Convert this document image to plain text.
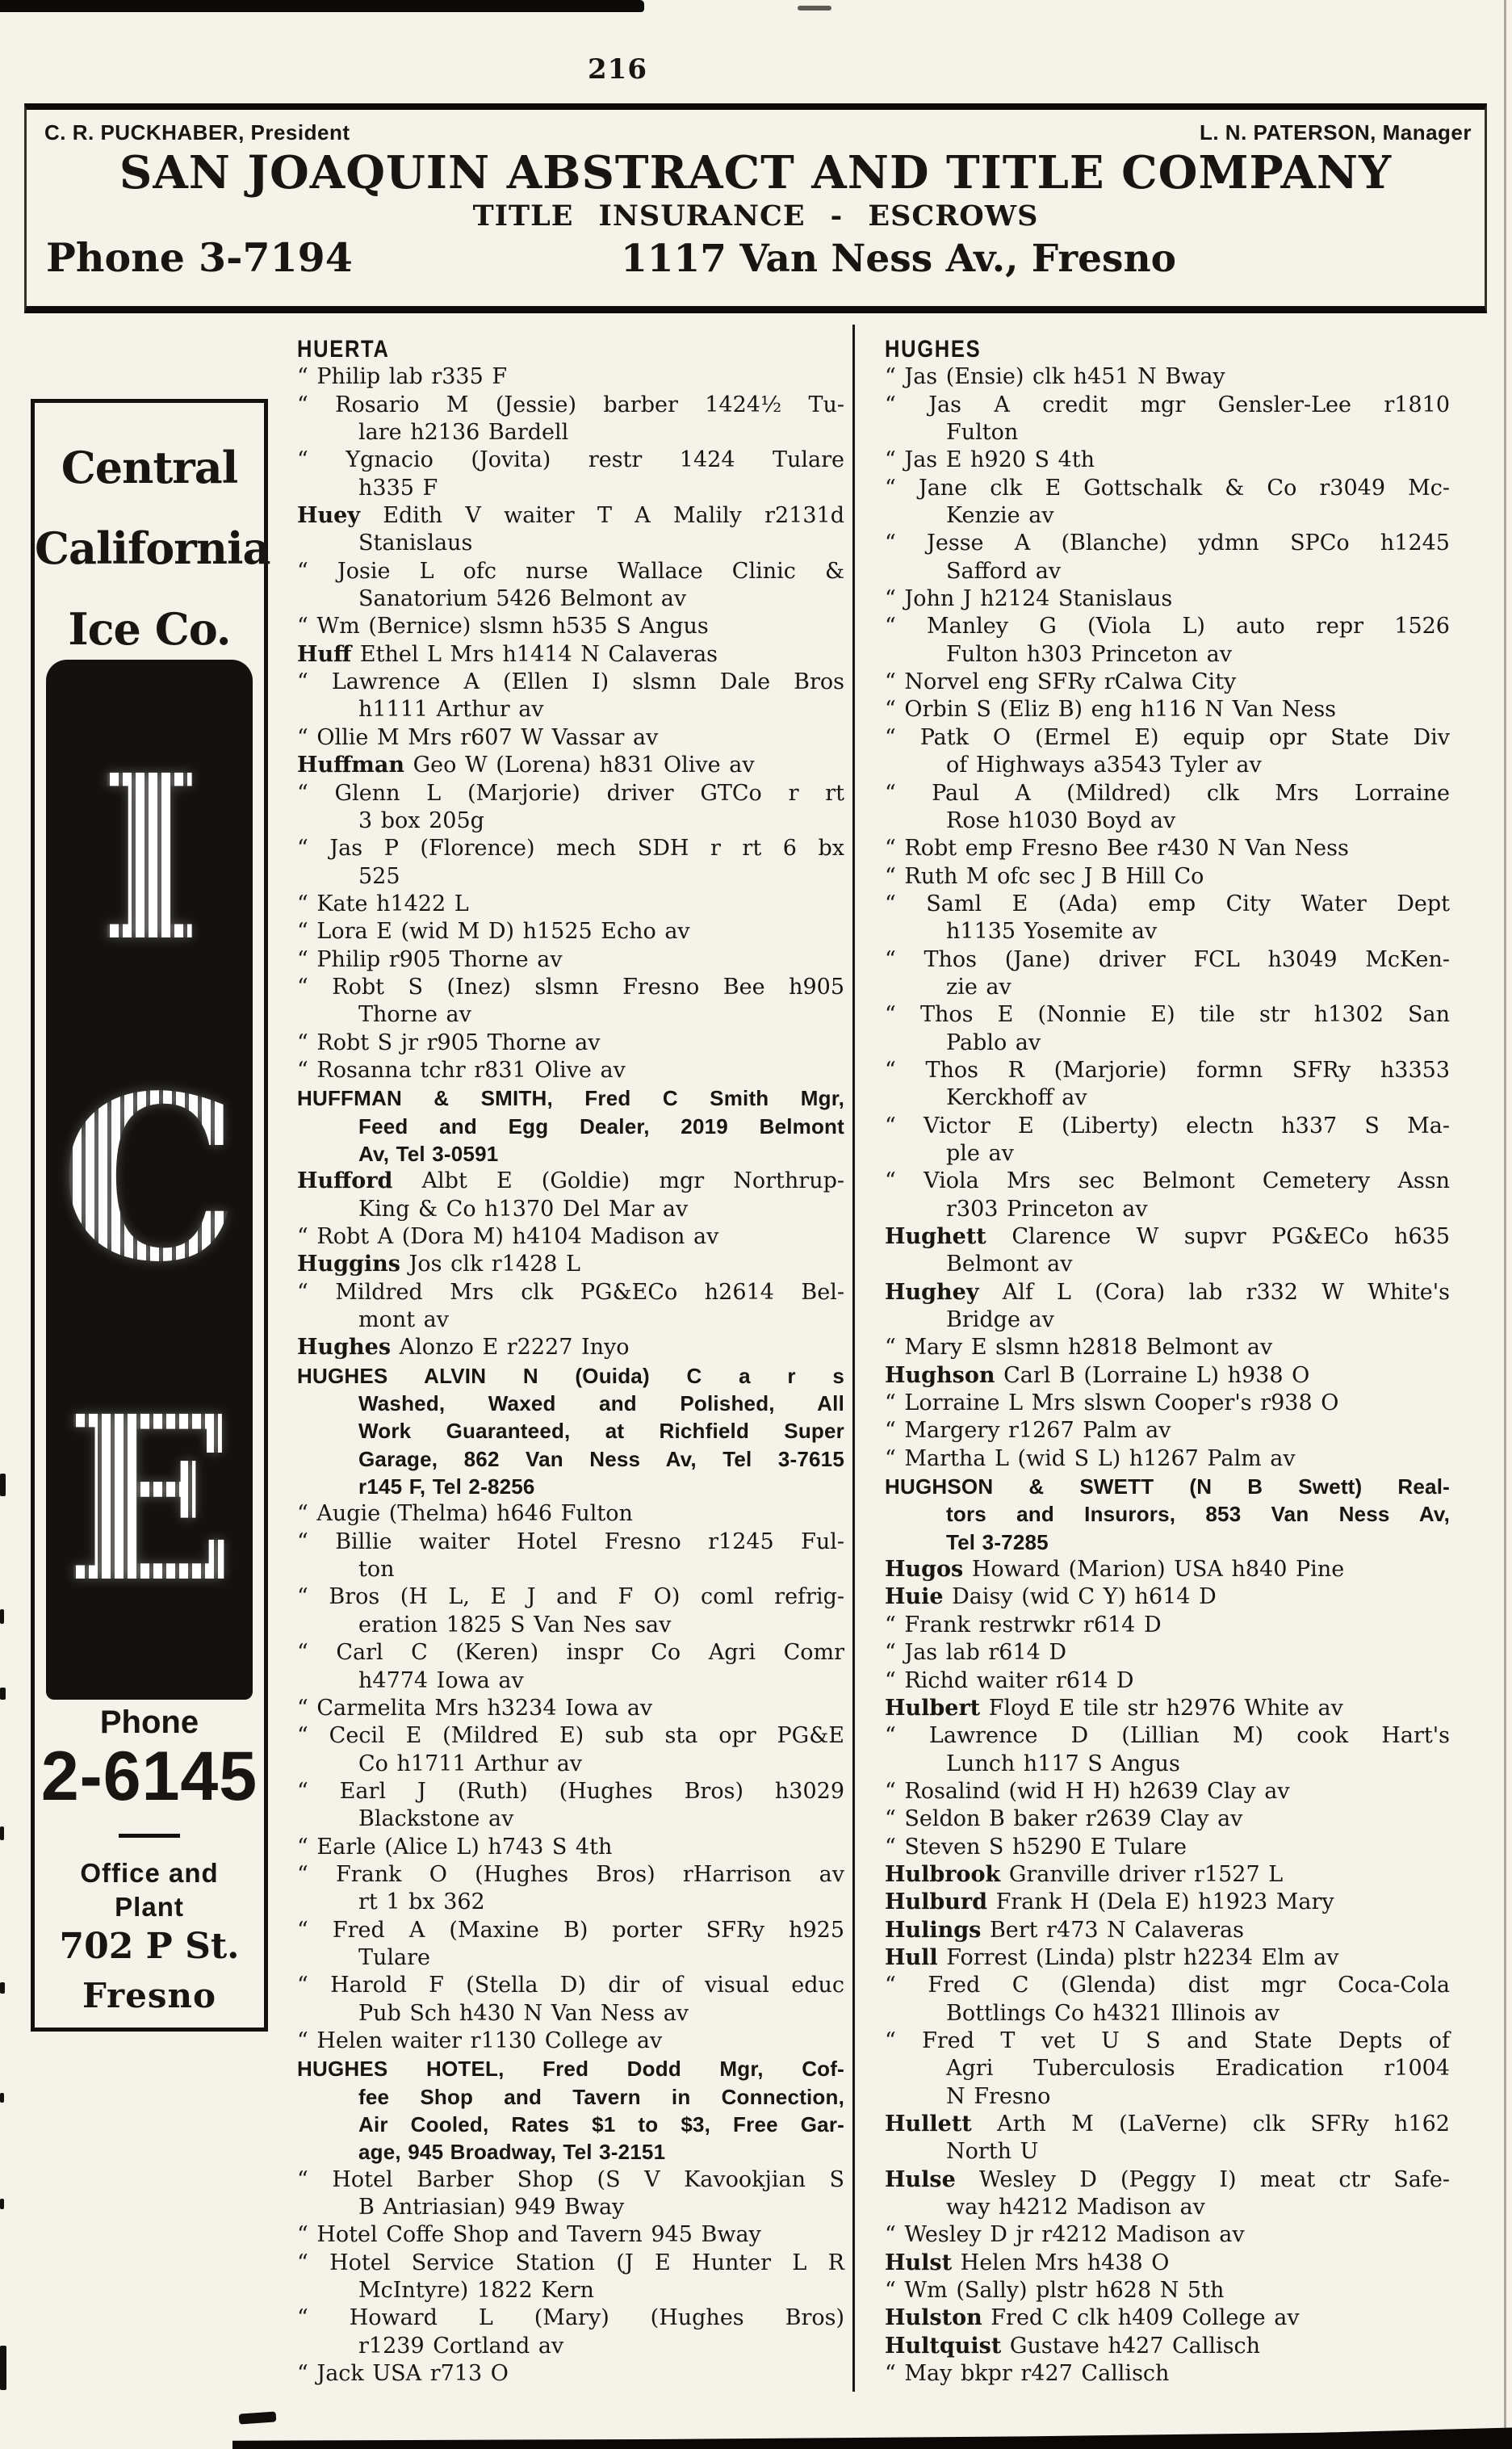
216
C. R. PUCKHABER, President	L. N. PATERSON, Manager
SAN JOAQUIN ABSTRACT AND TITLE COMPANY
TITLE INSURANCE - ESCROWS
Phone 3-7194	1117 Van Ness Av., Fresno
Central
California
Ice Co.
I
C
E
Phone
2-6145
Office and
Plant
702 P St.
Fresno
HUERTA
“ Philip lab r335 F
“ Rosario M (Jessie) barber 1424½ Tu-
lare h2136 Bardell
“ Ygnacio (Jovita) restr 1424 Tulare
h335 F
Huey Edith V waiter T A Malily r2131d
Stanislaus
“ Josie L ofc nurse Wallace Clinic &
Sanatorium 5426 Belmont av
“ Wm (Bernice) slsmn h535 S Angus
Huff Ethel L Mrs h1414 N Calaveras
“ Lawrence A (Ellen I) slsmn Dale Bros
h1111 Arthur av
“ Ollie M Mrs r607 W Vassar av
Huffman Geo W (Lorena) h831 Olive av
“ Glenn L (Marjorie) driver GTCo r rt
3 box 205g
“ Jas P (Florence) mech SDH r rt 6 bx
525
“ Kate h1422 L
“ Lora E (wid M D) h1525 Echo av
“ Philip r905 Thorne av
“ Robt S (Inez) slsmn Fresno Bee h905
Thorne av
“ Robt S jr r905 Thorne av
“ Rosanna tchr r831 Olive av
HUFFMAN & SMITH, Fred C Smith Mgr,
Feed and Egg Dealer, 2019 Belmont
Av, Tel 3-0591
Hufford Albt E (Goldie) mgr Northrup-
King & Co h1370 Del Mar av
“ Robt A (Dora M) h4104 Madison av
Huggins Jos clk r1428 L
“ Mildred Mrs clk PG&ECo h2614 Bel-
mont av
Hughes Alonzo E r2227 Inyo
HUGHES ALVIN N (Ouida) C a r s
Washed, Waxed and Polished, All
Work Guaranteed, at Richfield Super
Garage, 862 Van Ness Av, Tel 3-7615
r145 F, Tel 2-8256
“ Augie (Thelma) h646 Fulton
“ Billie waiter Hotel Fresno r1245 Ful-
ton
“ Bros (H L, E J and F O) coml refrig-
eration 1825 S Van Nes sav
“ Carl C (Keren) inspr Co Agri Comr
h4774 Iowa av
“ Carmelita Mrs h3234 Iowa av
“ Cecil E (Mildred E) sub sta opr PG&E
Co h1711 Arthur av
“ Earl J (Ruth) (Hughes Bros) h3029
Blackstone av
“ Earle (Alice L) h743 S 4th
“ Frank O (Hughes Bros) rHarrison av
rt 1 bx 362
“ Fred A (Maxine B) porter SFRy h925
Tulare
“ Harold F (Stella D) dir of visual educ
Pub Sch h430 N Van Ness av
“ Helen waiter r1130 College av
HUGHES HOTEL, Fred Dodd Mgr, Cof-
fee Shop and Tavern in Connection,
Air Cooled, Rates $1 to $3, Free Gar-
age, 945 Broadway, Tel 3-2151
“ Hotel Barber Shop (S V Kavookjian S
B Antriasian) 949 Bway
“ Hotel Coffe Shop and Tavern 945 Bway
“ Hotel Service Station (J E Hunter L R
McIntyre) 1822 Kern
“ Howard L (Mary) (Hughes Bros)
r1239 Cortland av
“ Jack USA r713 O
HUGHES
“ Jas (Ensie) clk h451 N Bway
“ Jas A credit mgr Gensler-Lee r1810
Fulton
“ Jas E h920 S 4th
“ Jane clk E Gottschalk & Co r3049 Mc-
Kenzie av
“ Jesse A (Blanche) ydmn SPCo h1245
Safford av
“ John J h2124 Stanislaus
“ Manley G (Viola L) auto repr 1526
Fulton h303 Princeton av
“ Norvel eng SFRy rCalwa City
“ Orbin S (Eliz B) eng h116 N Van Ness
“ Patk O (Ermel E) equip opr State Div
of Highways a3543 Tyler av
“ Paul A (Mildred) clk Mrs Lorraine
Rose h1030 Boyd av
“ Robt emp Fresno Bee r430 N Van Ness
“ Ruth M ofc sec J B Hill Co
“ Saml E (Ada) emp City Water Dept
h1135 Yosemite av
“ Thos (Jane) driver FCL h3049 McKen-
zie av
“ Thos E (Nonnie E) tile str h1302 San
Pablo av
“ Thos R (Marjorie) formn SFRy h3353
Kerckhoff av
“ Victor E (Liberty) electn h337 S Ma-
ple av
“ Viola Mrs sec Belmont Cemetery Assn
r303 Princeton av
Hughett Clarence W supvr PG&ECo h635
Belmont av
Hughey Alf L (Cora) lab r332 W White's
Bridge av
“ Mary E slsmn h2818 Belmont av
Hughson Carl B (Lorraine L) h938 O
“ Lorraine L Mrs slswn Cooper's r938 O
“ Margery r1267 Palm av
“ Martha L (wid S L) h1267 Palm av
HUGHSON & SWETT (N B Swett) Real-
tors and Insurors, 853 Van Ness Av,
Tel 3-7285
Hugos Howard (Marion) USA h840 Pine
Huie Daisy (wid C Y) h614 D
“ Frank restrwkr r614 D
“ Jas lab r614 D
“ Richd waiter r614 D
Hulbert Floyd E tile str h2976 White av
“ Lawrence D (Lillian M) cook Hart's
Lunch h117 S Angus
“ Rosalind (wid H H) h2639 Clay av
“ Seldon B baker r2639 Clay av
“ Steven S h5290 E Tulare
Hulbrook Granville driver r1527 L
Hulburd Frank H (Dela E) h1923 Mary
Hulings Bert r473 N Calaveras
Hull Forrest (Linda) plstr h2234 Elm av
“ Fred C (Glenda) dist mgr Coca-Cola
Bottlings Co h4321 Illinois av
“ Fred T vet U S and State Depts of
Agri Tuberculosis Eradication r1004
N Fresno
Hullett Arth M (LaVerne) clk SFRy h162
North U
Hulse Wesley D (Peggy I) meat ctr Safe-
way h4212 Madison av
“ Wesley D jr r4212 Madison av
Hulst Helen Mrs h438 O
“ Wm (Sally) plstr h628 N 5th
Hulston Fred C clk h409 College av
Hultquist Gustave h427 Callisch
“ May bkpr r427 Callisch
